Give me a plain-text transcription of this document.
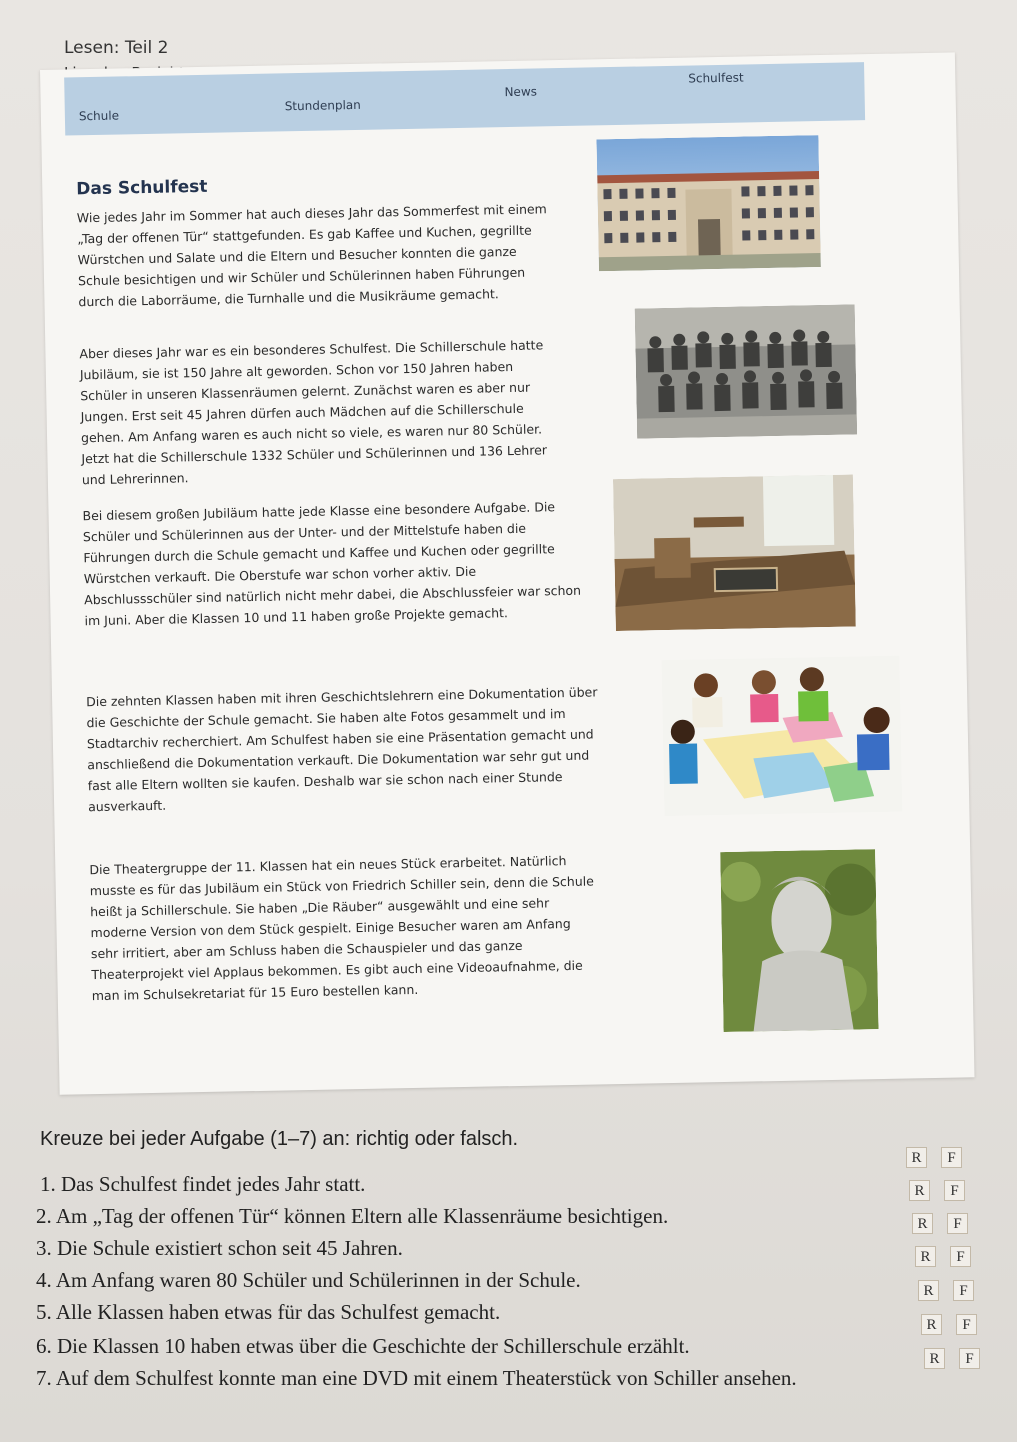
Lesen: Teil 2
Schule
Stundenplan
News
Schulfest
Das Schulfest

Wie jedes Jahr im Sommer hat auch dieses Jahr das Sommerfest mit einem „Tag der offenen Tür“ stattgefunden. Es gab Kaffee und Kuchen, gegrillte Würstchen und Salate und die Eltern und Besucher konnten die ganze Schule besichtigen und wir Schüler und Schülerinnen haben Führungen durch die Laborräume, die Turnhalle und die Musikräume gemacht.

Aber dieses Jahr war es ein besonderes Schulfest. Die Schillerschule hatte Jubiläum, sie ist 150 Jahre alt geworden. Schon vor 150 Jahren haben Schüler in unseren Klassenräumen gelernt. Zunächst waren es aber nur Jungen. Erst seit 45 Jahren dürfen auch Mädchen auf die Schillerschule gehen. Am Anfang waren es auch nicht so viele, es waren nur 80 Schüler. Jetzt hat die Schillerschule 1332 Schüler und Schülerinnen und 136 Lehrer und Lehrerinnen.

Bei diesem großen Jubiläum hatte jede Klasse eine besondere Aufgabe. Die Schüler und Schülerinnen aus der Unter- und der Mittelstufe haben die Führungen durch die Schule gemacht und Kaffee und Kuchen oder gegrillte Würstchen verkauft. Die Oberstufe war schon vorher aktiv. Die Abschlussschüler sind natürlich nicht mehr dabei, die Abschlussfeier war schon im Juni. Aber die Klassen 10 und 11 haben große Projekte gemacht.

Die zehnten Klassen haben mit ihren Geschichtslehrern eine Dokumentation über die Geschichte der Schule gemacht. Sie haben alte Fotos gesammelt und im Stadtarchiv recherchiert. Am Schulfest haben sie eine Präsentation gemacht und anschließend die Dokumentation verkauft. Die Dokumentation war sehr gut und fast alle Eltern wollten sie kaufen. Deshalb war sie schon nach einer Stunde ausverkauft.

Die Theatergruppe der 11. Klassen hat ein neues Stück erarbeitet. Natürlich musste es für das Jubiläum ein Stück von Friedrich Schiller sein, denn die Schule heißt ja Schillerschule. Sie haben „Die Räuber“ ausgewählt und eine sehr moderne Version von dem Stück gespielt. Einige Besucher waren am Anfang sehr irritiert, aber am Schluss haben die Schauspieler und das ganze Theaterprojekt viel Applaus bekommen. Es gibt auch eine Videoaufnahme, die man im Schulsekretariat für 15 Euro bestellen kann.

Kreuze bei jeder Aufgabe (1–7) an: richtig oder falsch.
1. Das Schulfest findet jedes Jahr statt.
2. Am „Tag der offenen Tür“ können Eltern alle Klassenräume besichtigen.
3. Die Schule existiert schon seit 45 Jahren.
4. Am Anfang waren 80 Schüler und Schülerinnen in der Schule.
5. Alle Klassen haben etwas für das Schulfest gemacht.
6. Die Klassen 10 haben etwas über die Geschichte der Schillerschule erzählt.
7. Auf dem Schulfest konnte man eine DVD mit einem Theaterstück von Schiller ansehen.
R	F
R	F
R	F
R	F
R	F
R	F
R	F
